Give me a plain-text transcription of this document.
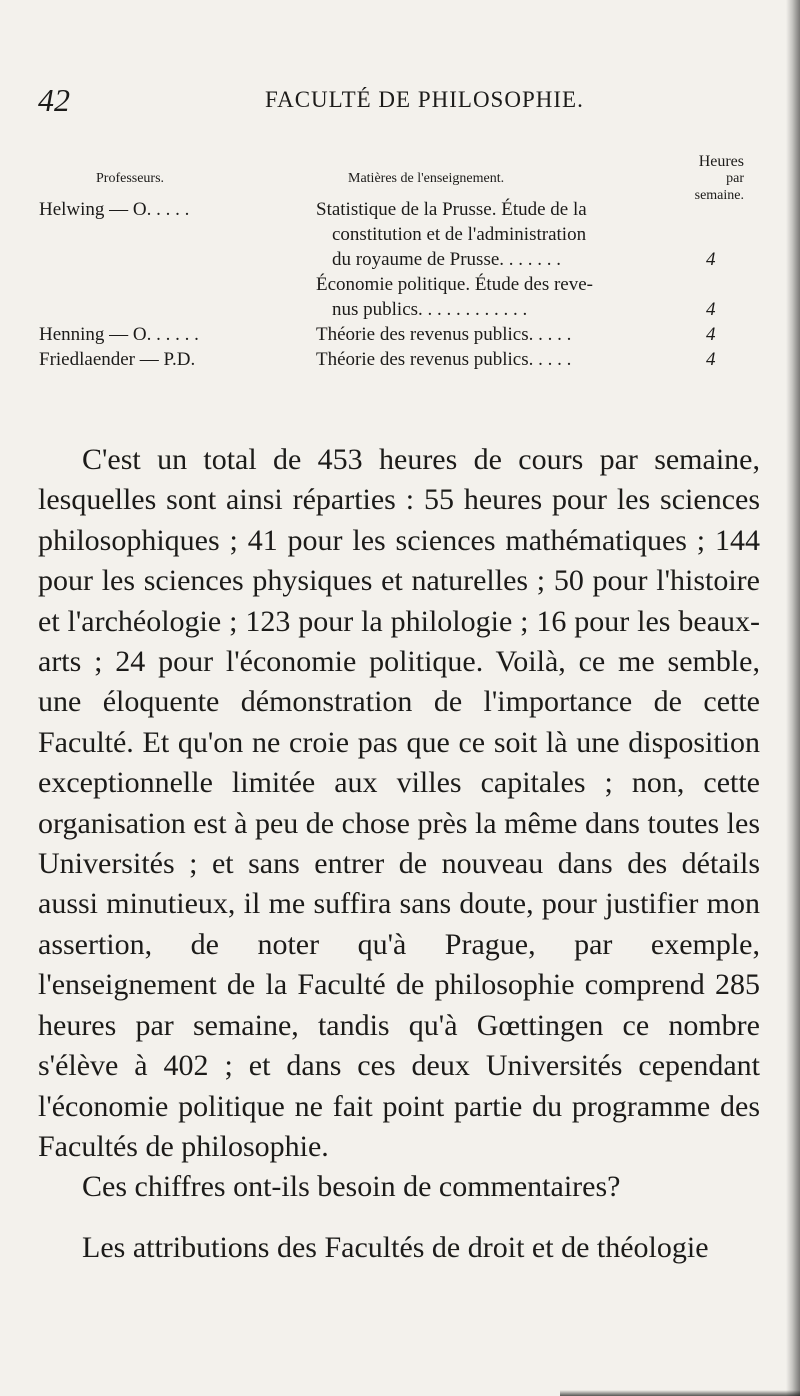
42	FACULTÉ DE PHILOSOPHIE.
Professeurs.	Matières de l'enseignement.
Heures
par
semaine.
Helwing — O. . . . .	Statistique de la Prusse. Étude de la
constitution et de l'administration
du royaume de Prusse. . . . . . .	4
Économie politique. Étude des reve-
nus publics. . . . . . . . . . . .	4
Henning — O. . . . . .	Théorie des revenus publics. . . . .	4
Friedlaender — P.D.	Théorie des revenus publics. . . . .	4

C'est un total de 453 heures de cours par semaine, lesquelles sont ainsi réparties : 55 heures pour les sciences philosophiques ; 41 pour les sciences mathématiques ; 144 pour les sciences physiques et naturelles ; 50 pour l'histoire et l'archéologie ; 123 pour la philologie ; 16 pour les beaux-arts ; 24 pour l'économie politique. Voilà, ce me semble, une éloquente démonstration de l'importance de cette Faculté. Et qu'on ne croie pas que ce soit là une disposition exceptionnelle limitée aux villes capitales ; non, cette organisation est à peu de chose près la même dans toutes les Universités ; et sans entrer de nouveau dans des détails aussi minutieux, il me suffira sans doute, pour justifier mon assertion, de noter qu'à Prague, par exemple, l'enseignement de la Faculté de philosophie comprend 285 heures par semaine, tandis qu'à Gœttingen ce nombre s'élève à 402 ; et dans ces deux Universités cependant l'économie politique ne fait point partie du programme des Facultés de philosophie.

Ces chiffres ont-ils besoin de commentaires?

Les attributions des Facultés de droit et de théologie
